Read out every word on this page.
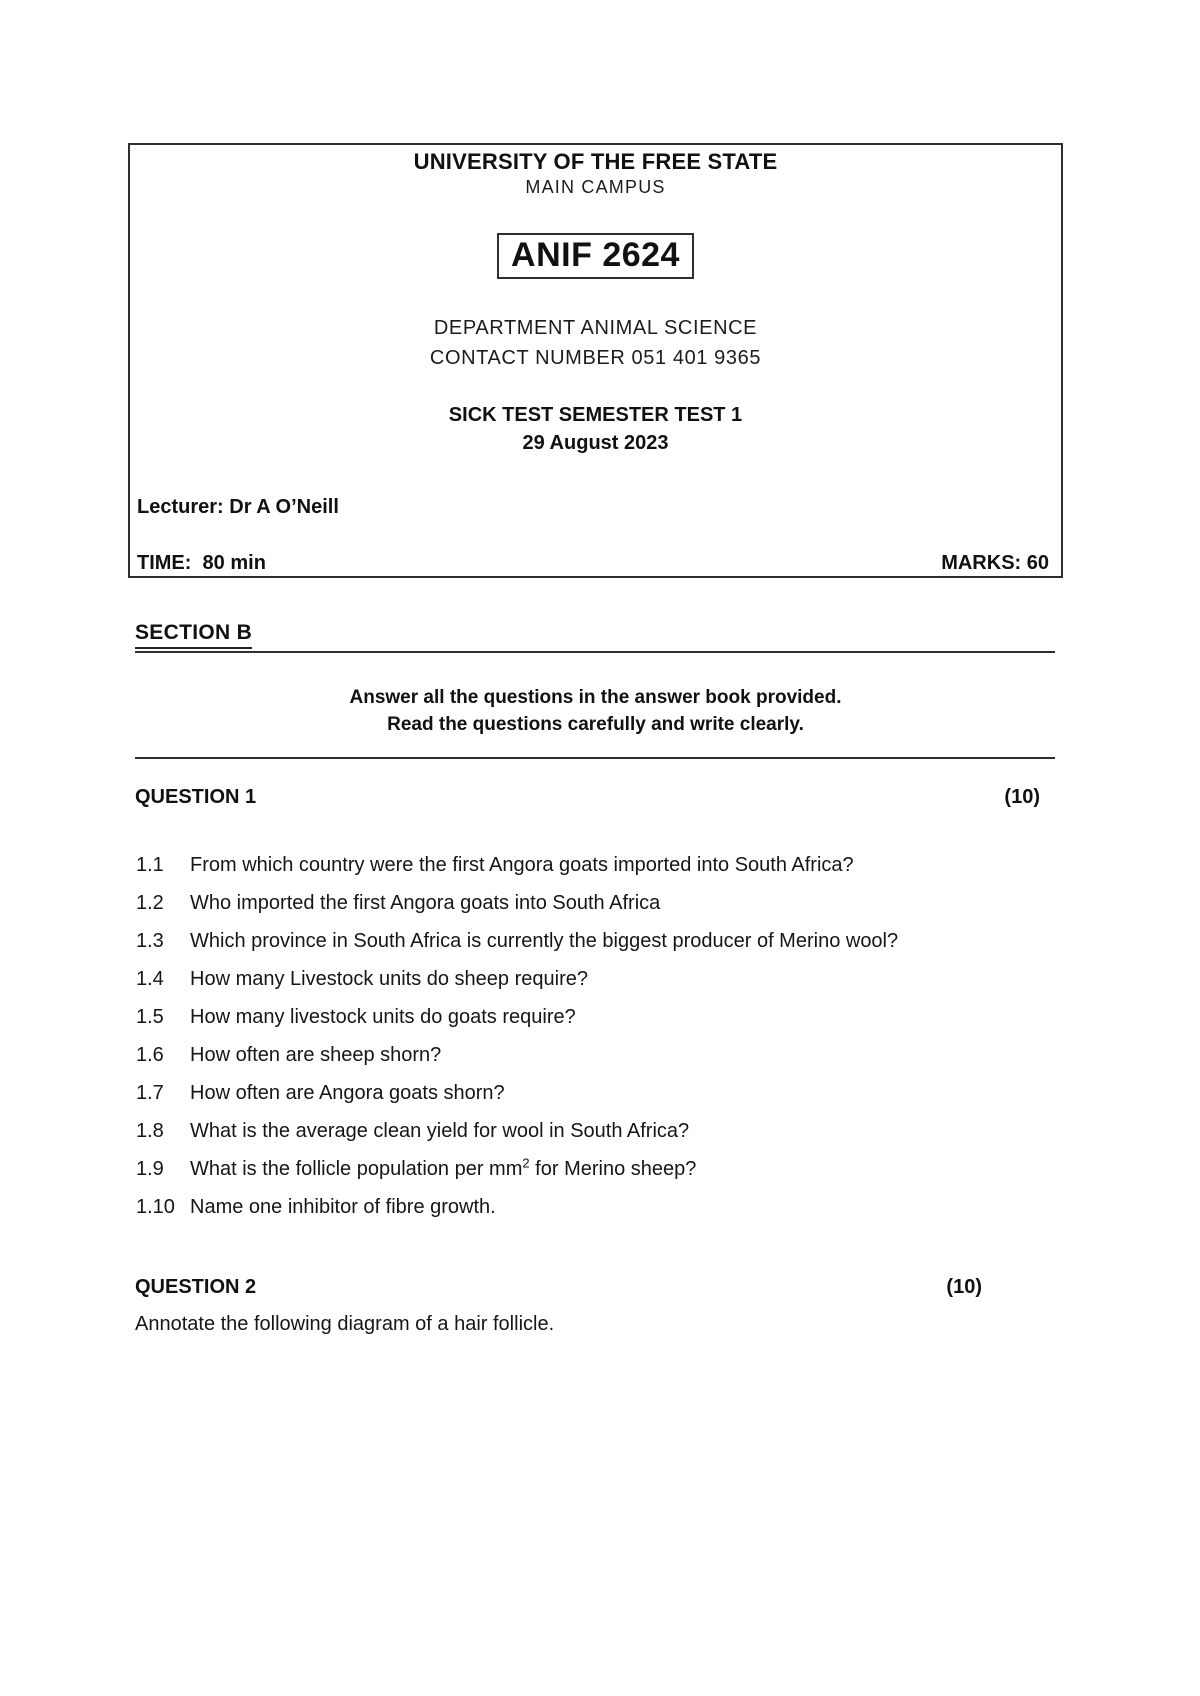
UNIVERSITY OF THE FREE STATE
MAIN CAMPUS
ANIF 2624
DEPARTMENT ANIMAL SCIENCE
CONTACT NUMBER 051 401 9365
SICK TEST SEMESTER TEST 1
29 August 2023
Lecturer: Dr A O’Neill
TIME:  80 min	MARKS: 60
SECTION B
Answer all the questions in the answer book provided.
Read the questions carefully and write clearly.
QUESTION 1	(10)
1.1	From which country were the first Angora goats imported into South Africa?
1.2	Who imported the first Angora goats into South Africa
1.3	Which province in South Africa is currently the biggest producer of Merino wool?
1.4	How many Livestock units do sheep require?
1.5	How many livestock units do goats require?
1.6	How often are sheep shorn?
1.7	How often are Angora goats shorn?
1.8	What is the average clean yield for wool in South Africa?
1.9	What is the follicle population per $mm^2$ for Merino sheep?
1.10 Name one inhibitor of fibre growth.
QUESTION 2	(10)
Annotate the following diagram of a hair follicle.
